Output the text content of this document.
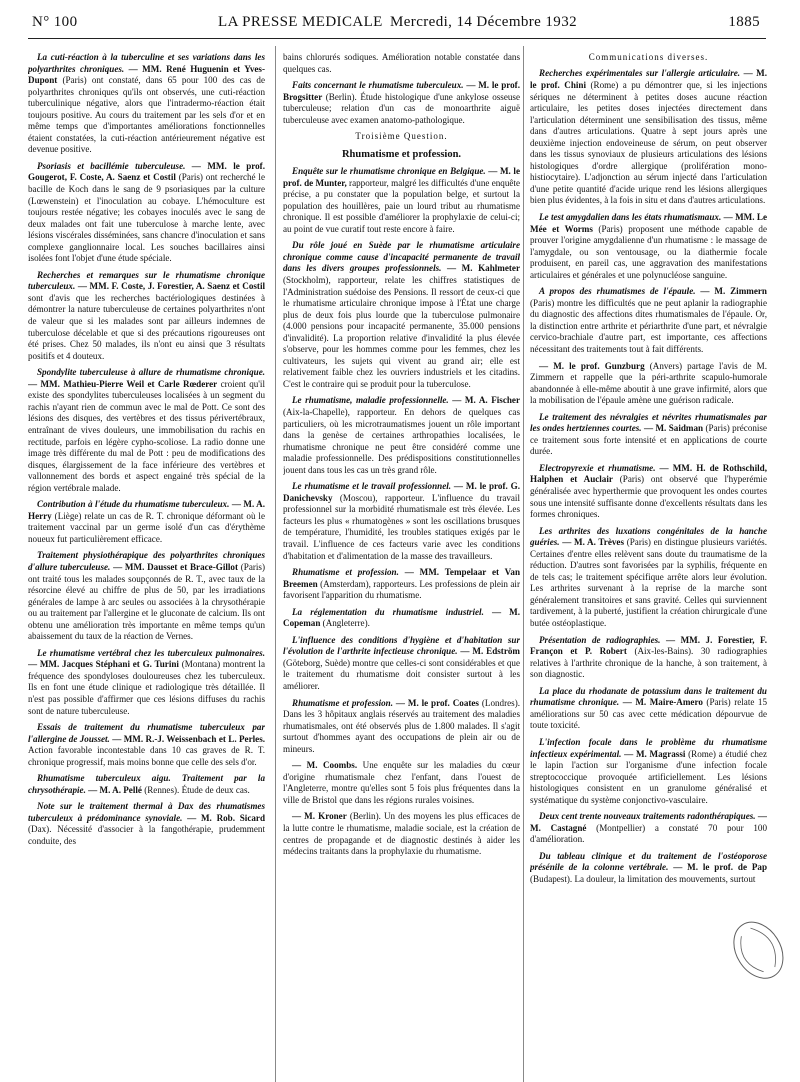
N° 100	LA PRESSE MEDICALE Mercredi, 14 Décembre 1932	1885

La cuti-réaction à la tuberculine et ses variations dans les polyarthrites chroniques. — MM. René Huguenin et Yves-Dupont (Paris) ont constaté, dans 65 pour 100 des cas de polyarthrites chroniques qu'ils ont observés, une cuti-réaction tuberculinique négative, alors que l'intradermo-réaction était toujours positive. Au cours du traitement par les sels d'or et en même temps que d'importantes améliorations fonctionnelles étaient constatées, la cuti-réaction antérieurement négative est devenue positive.

Psoriasis et bacillémie tuberculeuse. — MM. le prof. Gougerot, F. Coste, A. Saenz et Costil (Paris) ont recherché le bacille de Koch dans le sang de 9 psoriasiques par la culture (Lœwenstein) et l'inoculation au cobaye. L'hémoculture est toujours restée négative; les cobayes inoculés avec le sang de deux malades ont fait une tuberculose à marche lente, avec lésions viscérales disséminées, sans chancre d'inoculation et sans complexe ganglionnaire local. Les souches bacillaires ainsi isolées font l'objet d'une étude spéciale.

Recherches et remarques sur le rhumatisme chronique tuberculeux. — MM. F. Coste, J. Forestier, A. Saenz et Costil sont d'avis que les recherches bactériologiques destinées à démontrer la nature tuberculeuse de certaines polyarthrites n'ont de valeur que si les malades sont par ailleurs indemnes de tuberculose décelable et que si des précautions rigoureuses ont été prises. Chez 50 malades, ils n'ont eu ainsi que 3 résultats positifs et 4 douteux.

Spondylite tuberculeuse à allure de rhumatisme chronique. — MM. Mathieu-Pierre Weil et Carle Rœderer croient qu'il existe des spondylites tuberculeuses localisées à un segment du rachis n'ayant rien de commun avec le mal de Pott. Ce sont des lésions des disques, des vertèbres et des tissus périvertébraux, entraînant de vives douleurs, une immobilisation du rachis en rectitude, parfois en légère cypho-scoliose. La radio donne une image très différente du mal de Pott : peu de modifications des disques, élargissement de la face inférieure des vertèbres et vallonnement des bords et aspect engainé très spécial de la région vertébrale malade.

Contribution à l'étude du rhumatisme tuberculeux. — M. A. Herry (Liège) relate un cas de R. T. chronique déformant où le traitement vaccinal par un germe isolé d'un cas d'érythème noueux fut particulièrement efficace.

Traitement physiothérapique des polyarthrites chroniques d'allure tuberculeuse. — MM. Dausset et Brace-Gillot (Paris) ont traité tous les malades soupçonnés de R. T., avec taux de la résorcine élevé au chiffre de plus de 50, par les irradiations générales de lampe à arc seules ou associées à la chrysothérapie ou au traitement par l'allergine et le gluconate de calcium. Ils ont obtenu une amélioration très importante en même temps qu'un abaissement du taux de la réaction de Vernes.

Le rhumatisme vertébral chez les tuberculeux pulmonaires. — MM. Jacques Stéphani et G. Turini (Montana) montrent la fréquence des spondyloses douloureuses chez les tuberculeux. Ils en font une étude clinique et radiologique très détaillée. Il n'est pas possible d'affirmer que ces lésions diffuses du rachis sont de nature tuberculeuse.

Essais de traitement du rhumatisme tuberculeux par l'allergine de Jousset. — MM. R.-J. Weissenbach et L. Perles. Action favorable incontestable dans 10 cas graves de R. T. chronique progressif, mais moins bonne que celle des sels d'or.

Rhumatisme tuberculeux aigu. Traitement par la chrysothérapie. — M. A. Pellé (Rennes). Étude de deux cas.

Note sur le traitement thermal à Dax des rhumatismes tuberculeux à prédominance synoviale. — M. Rob. Sicard (Dax). Nécessité d'associer à la fangothérapie, prudemment conduite, des

bains chlorurés sodiques. Amélioration notable constatée dans quelques cas.

Faits concernant le rhumatisme tuberculeux. — M. le prof. Brogsitter (Berlin). Étude histologique d'une ankylose osseuse tuberculeuse; relation d'un cas de monoarthrite aiguë tuberculeuse avec examen anatomo-pathologique.

Troisième Question.

Rhumatisme et profession.

Enquête sur le rhumatisme chronique en Belgique. — M. le prof. de Munter, rapporteur, malgré les difficultés d'une enquête précise, a pu constater que la population belge, et surtout la population des houillères, paie un lourd tribut au rhumatisme chronique. Il est possible d'améliorer la prophylaxie de celui-ci; au point de vue curatif tout reste encore à faire.

Du rôle joué en Suède par le rhumatisme articulaire chronique comme cause d'incapacité permanente de travail dans les divers groupes professionnels. — M. Kahlmeter (Stockholm), rapporteur, relate les chiffres statistiques de l'Administration suédoise des Pensions. Il ressort de ceux-ci que le rhumatisme articulaire chronique impose à l'État une charge plus de deux fois plus lourde que la tuberculose pulmonaire (4.000 pensions pour incapacité permanente, 35.000 pensions d'invalidité). La proportion relative d'invalidité la plus élevée s'observe, pour les hommes comme pour les femmes, chez les cultivateurs, les sujets qui vivent au grand air; elle est relativement faible chez les ouvriers industriels et les citadins. C'est le contraire qui se produit pour la tuberculose.

Le rhumatisme, maladie professionnelle. — M. A. Fischer (Aix-la-Chapelle), rapporteur. En dehors de quelques cas particuliers, où les microtraumatismes jouent un rôle important dans la genèse de certaines arthropathies localisées, le rhumatisme chronique ne peut être considéré comme une maladie professionnelle. Des prédispositions constitutionnelles jouent dans tous les cas un très grand rôle.

Le rhumatisme et le travail professionnel. — M. le prof. G. Danichevsky (Moscou), rapporteur. L'influence du travail professionnel sur la morbidité rhumatismale est très élevée. Les facteurs les plus « rhumatogènes » sont les oscillations brusques de température, l'humidité, les troubles statiques exigés par le travail. L'influence de ces facteurs varie avec les conditions d'habitation et d'alimentation de la masse des travailleurs.

Rhumatisme et profession. — MM. Tempelaar et Van Breemen (Amsterdam), rapporteurs. Les professions de plein air favorisent l'apparition du rhumatisme.

La réglementation du rhumatisme industriel. — M. Copeman (Angleterre).

L'influence des conditions d'hygiène et d'habitation sur l'évolution de l'arthrite infectieuse chronique. — M. Edström (Göteborg, Suède) montre que celles-ci sont considérables et que le traitement du rhumatisme doit consister surtout à les améliorer.

Rhumatisme et profession. — M. le prof. Coates (Londres). Dans les 3 hôpitaux anglais réservés au traitement des maladies rhumatismales, ont été observés plus de 1.800 malades. Il s'agit surtout d'hommes ayant des occupations de plein air ou de mineurs.

— M. Coombs. Une enquête sur les maladies du cœur d'origine rhumatismale chez l'enfant, dans l'ouest de l'Angleterre, montre qu'elles sont 5 fois plus fréquentes dans la ville de Bristol que dans les régions rurales voisines.

— M. Kroner (Berlin). Un des moyens les plus efficaces de la lutte contre le rhumatisme, maladie sociale, est la création de centres de propagande et de diagnostic destinés à aider les médecins traitants dans la prophylaxie du rhumatisme.

Communications diverses.

Recherches expérimentales sur l'allergie articulaire. — M. le prof. Chini (Rome) a pu démontrer que, si les injections sériques ne déterminent à petites doses aucune réaction articulaire, les petites doses injectées directement dans l'articulation déterminent une sensibilisation des tissus, même dans d'autres articulations. Quatre à sept jours après une deuxième injection endoveineuse de sérum, on peut observer dans les tissus synoviaux de plusieurs articulations des lésions histologiques d'ordre allergique (prolifération mono-histiocytaire). L'adjonction au sérum injecté dans l'articulation d'une petite quantité d'acide urique rend les lésions allergiques bien plus évidentes, à la fois in situ et dans d'autres articulations.

Le test amygdalien dans les états rhumatismaux. — MM. Le Mée et Worms (Paris) proposent une méthode capable de prouver l'origine amygdalienne d'un rhumatisme : le massage de l'amygdale, ou son ventousage, ou la diathermie focale produisent, en pareil cas, une aggravation des manifestations articulaires et générales et une polynucléose sanguine.

A propos des rhumatismes de l'épaule. — M. Zimmern (Paris) montre les difficultés que ne peut aplanir la radiographie du diagnostic des affections dites rhumatismales de l'épaule. Or, la distinction entre arthrite et périarthrite d'une part, et névralgie cervico-brachiale d'autre part, est importante, ces affections nécessitant des traitements tout à fait différents.

— M. le prof. Gunzburg (Anvers) partage l'avis de M. Zimmern et rappelle que la péri-arthrite scapulo-humorale abandonnée à elle-même aboutit à une grave infirmité, alors que la mobilisation de l'épaule amène une guérison radicale.

Le traitement des névralgies et névrites rhumatismales par les ondes hertziennes courtes. — M. Saidman (Paris) préconise ce traitement sous forte intensité et en applications de courte durée.

Electropyrexie et rhumatisme. — MM. H. de Rothschild, Halphen et Auclair (Paris) ont observé que l'hyperémie généralisée avec hyperthermie que provoquent les ondes courtes sous une intensité suffisante donne d'excellents résultats dans les formes chroniques.

Les arthrites des luxations congénitales de la hanche guéries. — M. A. Trèves (Paris) en distingue plusieurs variétés. Certaines d'entre elles relèvent sans doute du traumatisme de la réduction. D'autres sont favorisées par la syphilis, fréquente en de tels cas; le traitement spécifique arrête alors leur évolution. Les arthrites survenant à la reprise de la marche sont généralement transitoires et sans gravité. Celles qui surviennent tardivement, à la puberté, justifient la création chirurgicale d'une butée ostéoplastique.

Présentation de radiographies. — MM. J. Forestier, F. Françon et P. Robert (Aix-les-Bains). 30 radiographies relatives à l'arthrite chronique de la hanche, à son traitement, à son diagnostic.

La place du rhodanate de potassium dans le traitement du rhumatisme chronique. — M. Maire-Amero (Paris) relate 15 améliorations sur 50 cas avec cette médication dépourvue de toute toxicité.

L'infection focale dans le problème du rhumatisme infectieux expérimental. — M. Magrassi (Rome) a étudié chez le lapin l'action sur l'organisme d'une infection focale streptococcique provoquée artificiellement. Les lésions histologiques consistent en un granulome généralisé et systématique du système conjonctivo-vasculaire.

Deux cent trente nouveaux traitements radonthérapiques. — M. Castagné (Montpellier) a constaté 70 pour 100 d'amélioration.

Du tableau clinique et du traitement de l'ostéoporose présénile de la colonne vertébrale. — M. le prof. de Pap (Budapest). La douleur, la limitation des mouvements, surtout
